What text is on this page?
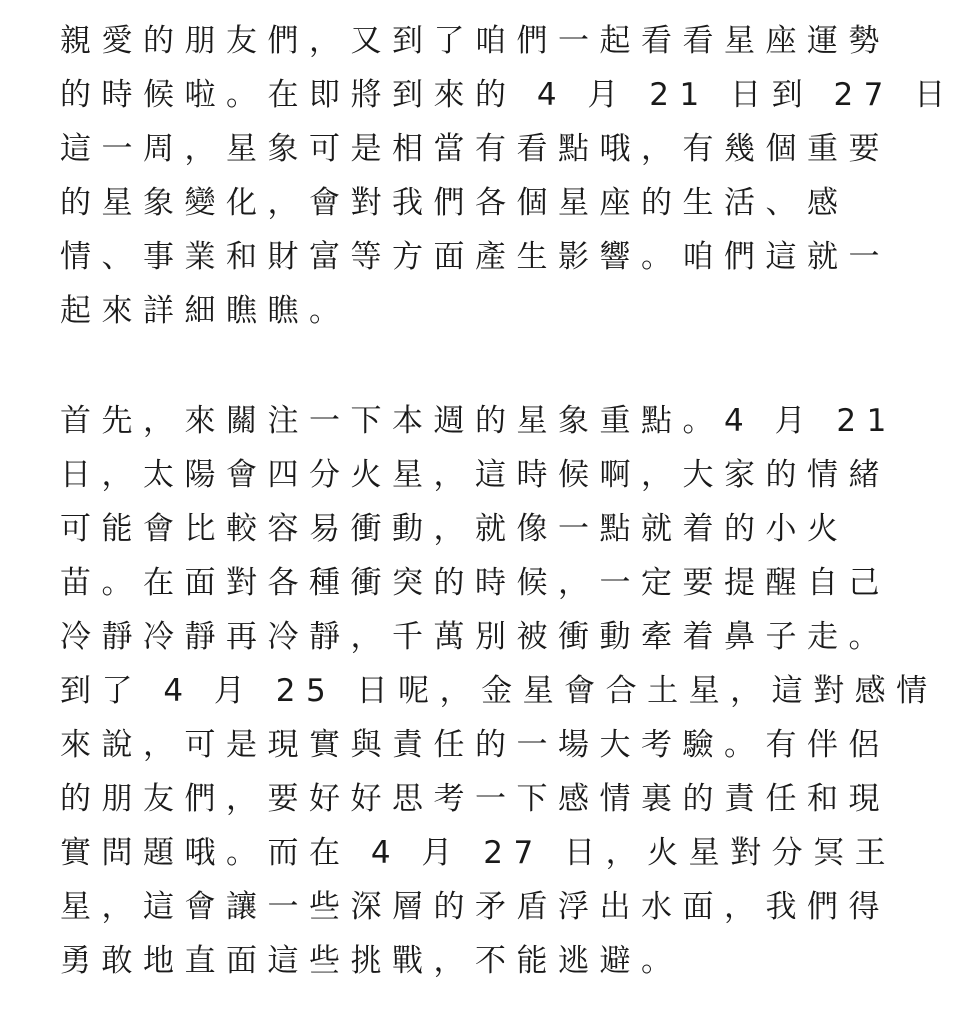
親愛的朋友們，又到了咱們一起看看星座運勢
的時候啦。在即將到來的 4 月 21 日到 27 日
這一周，星象可是相當有看點哦，有幾個重要
的星象變化，會對我們各個星座的生活、感
情、事業和財富等方面產生影響。咱們這就一
起來詳細瞧瞧。
首先，來關注一下本週的星象重點。4 月 21
日，太陽會四分火星，這時候啊，大家的情緒
可能會比較容易衝動，就像一點就着的小火
苗。在面對各種衝突的時候，一定要提醒自己
冷靜冷靜再冷靜，千萬別被衝動牽着鼻子走。
到了 4 月 25 日呢，金星會合土星，這對感情
來說，可是現實與責任的一場大考驗。有伴侶
的朋友們，要好好思考一下感情裏的責任和現
實問題哦。而在 4 月 27 日，火星對分冥王
星，這會讓一些深層的矛盾浮出水面，我們得
勇敢地直面這些挑戰，不能逃避。
